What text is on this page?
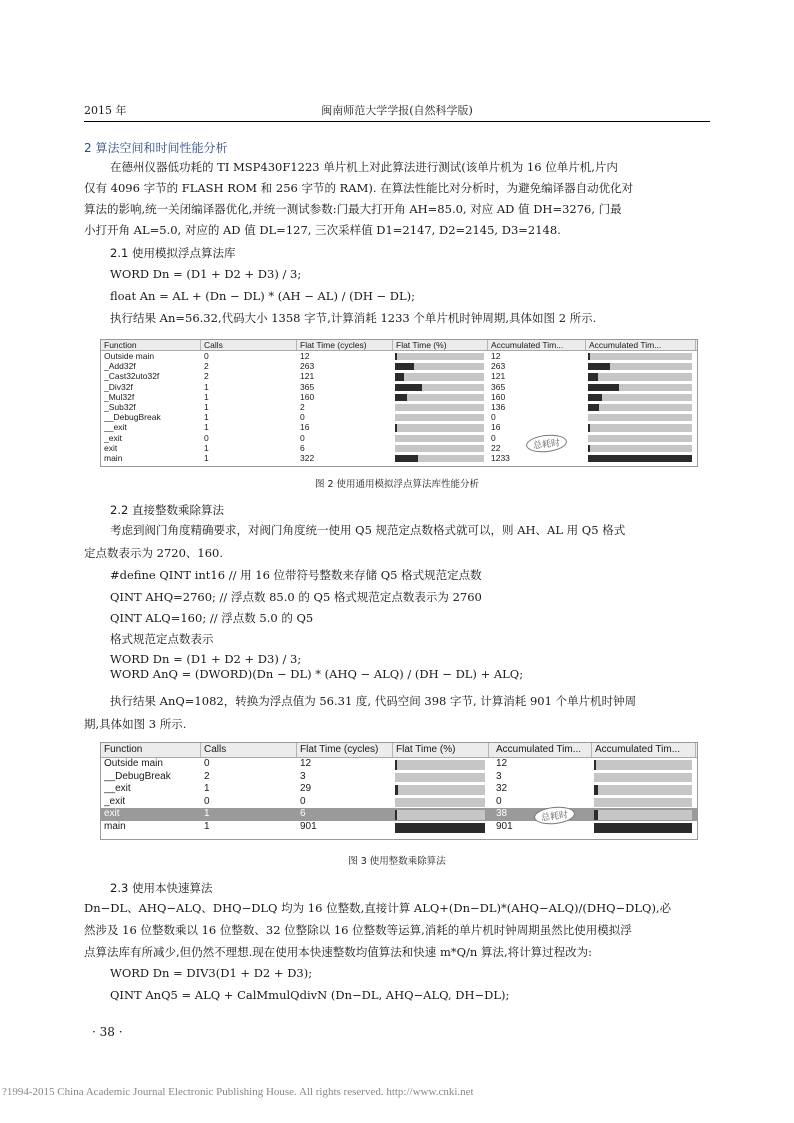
2015 年	闽南师范大学学报(自然科学版)
2 算法空间和时间性能分析
在德州仪器低功耗的 TI MSP430F1223 单片机上对此算法进行测试(该单片机为 16 位单片机,片内
仅有 4096 字节的 FLASH ROM 和 256 字节的 RAM). 在算法性能比对分析时，为避免编译器自动优化对
算法的影响,统一关闭编译器优化,并统一测试参数:门最大打开角 AH=85.0, 对应 AD 值 DH=3276, 门最
小打开角 AL=5.0, 对应的 AD 值 DL=127, 三次采样值 D1=2147, D2=2145, D3=2148.
2.1 使用模拟浮点算法库
WORD Dn = (D1 + D2 + D3) / 3;
float An = AL + (Dn − DL) * (AH − AL) / (DH − DL);
执行结果 An=56.32,代码大小 1358 字节,计算消耗 1233 个单片机时钟周期,具体如图 2 所示.
Function	Calls	Flat Time (cycles)	Flat Time (%)	Accumulated Tim...	Accumulated Tim...
Outside main	0	12	12
_Add32f	2	263	263
_Cast32uto32f	2	121	121
_Div32f	1	365	365
_Mul32f	1	160	160
_Sub32f	1	2	136
__DebugBreak	1	0	0
__exit	1	16	16
_exit	0	0	0
exit	1	6	22
main	1	322	1233
总耗时
图 2 使用通用模拟浮点算法库性能分析
2.2 直接整数乘除算法
考虑到阀门角度精确要求，对阀门角度统一使用 Q5 规范定点数格式就可以，则 AH、AL 用 Q5 格式
定点数表示为 2720、160.
#define QINT int16 // 用 16 位带符号整数来存储 Q5 格式规范定点数
QINT AHQ=2760; // 浮点数 85.0 的 Q5 格式规范定点数表示为 2760
QINT ALQ=160; // 浮点数 5.0 的 Q5
格式规范定点数表示
WORD Dn = (D1 + D2 + D3) / 3;
WORD AnQ = (DWORD)(Dn − DL) * (AHQ − ALQ) / (DH − DL) + ALQ;
执行结果 AnQ=1082，转换为浮点值为 56.31 度, 代码空间 398 字节, 计算消耗 901 个单片机时钟周
期,具体如图 3 所示.
Function	Calls	Flat Time (cycles)	Flat Time (%)	Accumulated Tim...	Accumulated Tim...
Outside main	0	12	12
__DebugBreak	2	3	3
__exit	1	29	32
_exit	0	0	0
exit	1	6	38
main	1	901	901
总耗时
图 3 使用整数乘除算法
2.3 使用本快速算法
Dn−DL、AHQ−ALQ、DHQ−DLQ 均为 16 位整数,直接计算 ALQ+(Dn−DL)*(AHQ−ALQ)/(DHQ−DLQ),必
然涉及 16 位整数乘以 16 位整数、32 位整除以 16 位整数等运算,消耗的单片机时钟周期虽然比使用模拟浮
点算法库有所减少,但仍然不理想.现在使用本快速整数均值算法和快速 m*Q/n 算法,将计算过程改为:
WORD Dn = DIV3(D1 + D2 + D3);
QINT AnQ5 = ALQ + CalMmulQdivN (Dn−DL, AHQ−ALQ, DH−DL);
· 38 ·
?1994-2015 China Academic Journal Electronic Publishing House. All rights reserved. http://www.cnki.net
